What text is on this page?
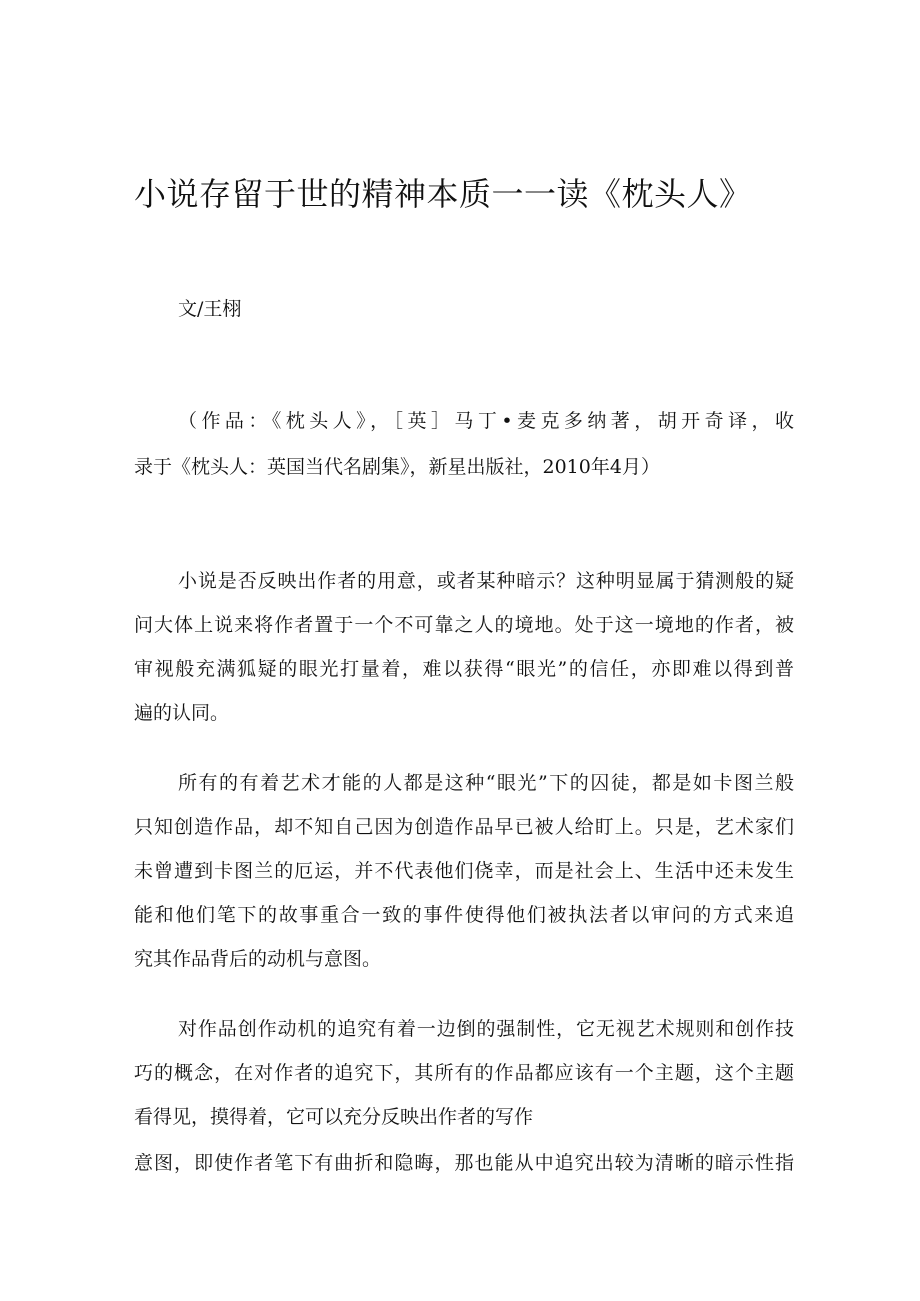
小说存留于世的精神本质一一读《枕头人》
文/王栩
（作品：《枕头人》，［英］马丁•麦克多纳著，胡开奇译，收
录于《枕头人：英国当代名剧集》，新星出版社，2010年4月）
小说是否反映出作者的用意，或者某种暗示？这种明显属于猜测般的疑
问大体上说来将作者置于一个不可靠之人的境地。处于这一境地的作者，被
审视般充满狐疑的眼光打量着，难以获得“眼光”的信任，亦即难以得到普
遍的认同。
所有的有着艺术才能的人都是这种“眼光”下的囚徒，都是如卡图兰般
只知创造作品，却不知自己因为创造作品早已被人给盯上。只是，艺术家们
未曾遭到卡图兰的厄运，并不代表他们侥幸，而是社会上、生活中还未发生
能和他们笔下的故事重合一致的事件使得他们被执法者以审问的方式来追
究其作品背后的动机与意图。
对作品创作动机的追究有着一边倒的强制性，它无视艺术规则和创作技
巧的概念，在对作者的追究下，其所有的作品都应该有一个主题，这个主题
看得见，摸得着，它可以充分反映出作者的写作
意图，即使作者笔下有曲折和隐晦，那也能从中追究出较为清晰的暗示性指
